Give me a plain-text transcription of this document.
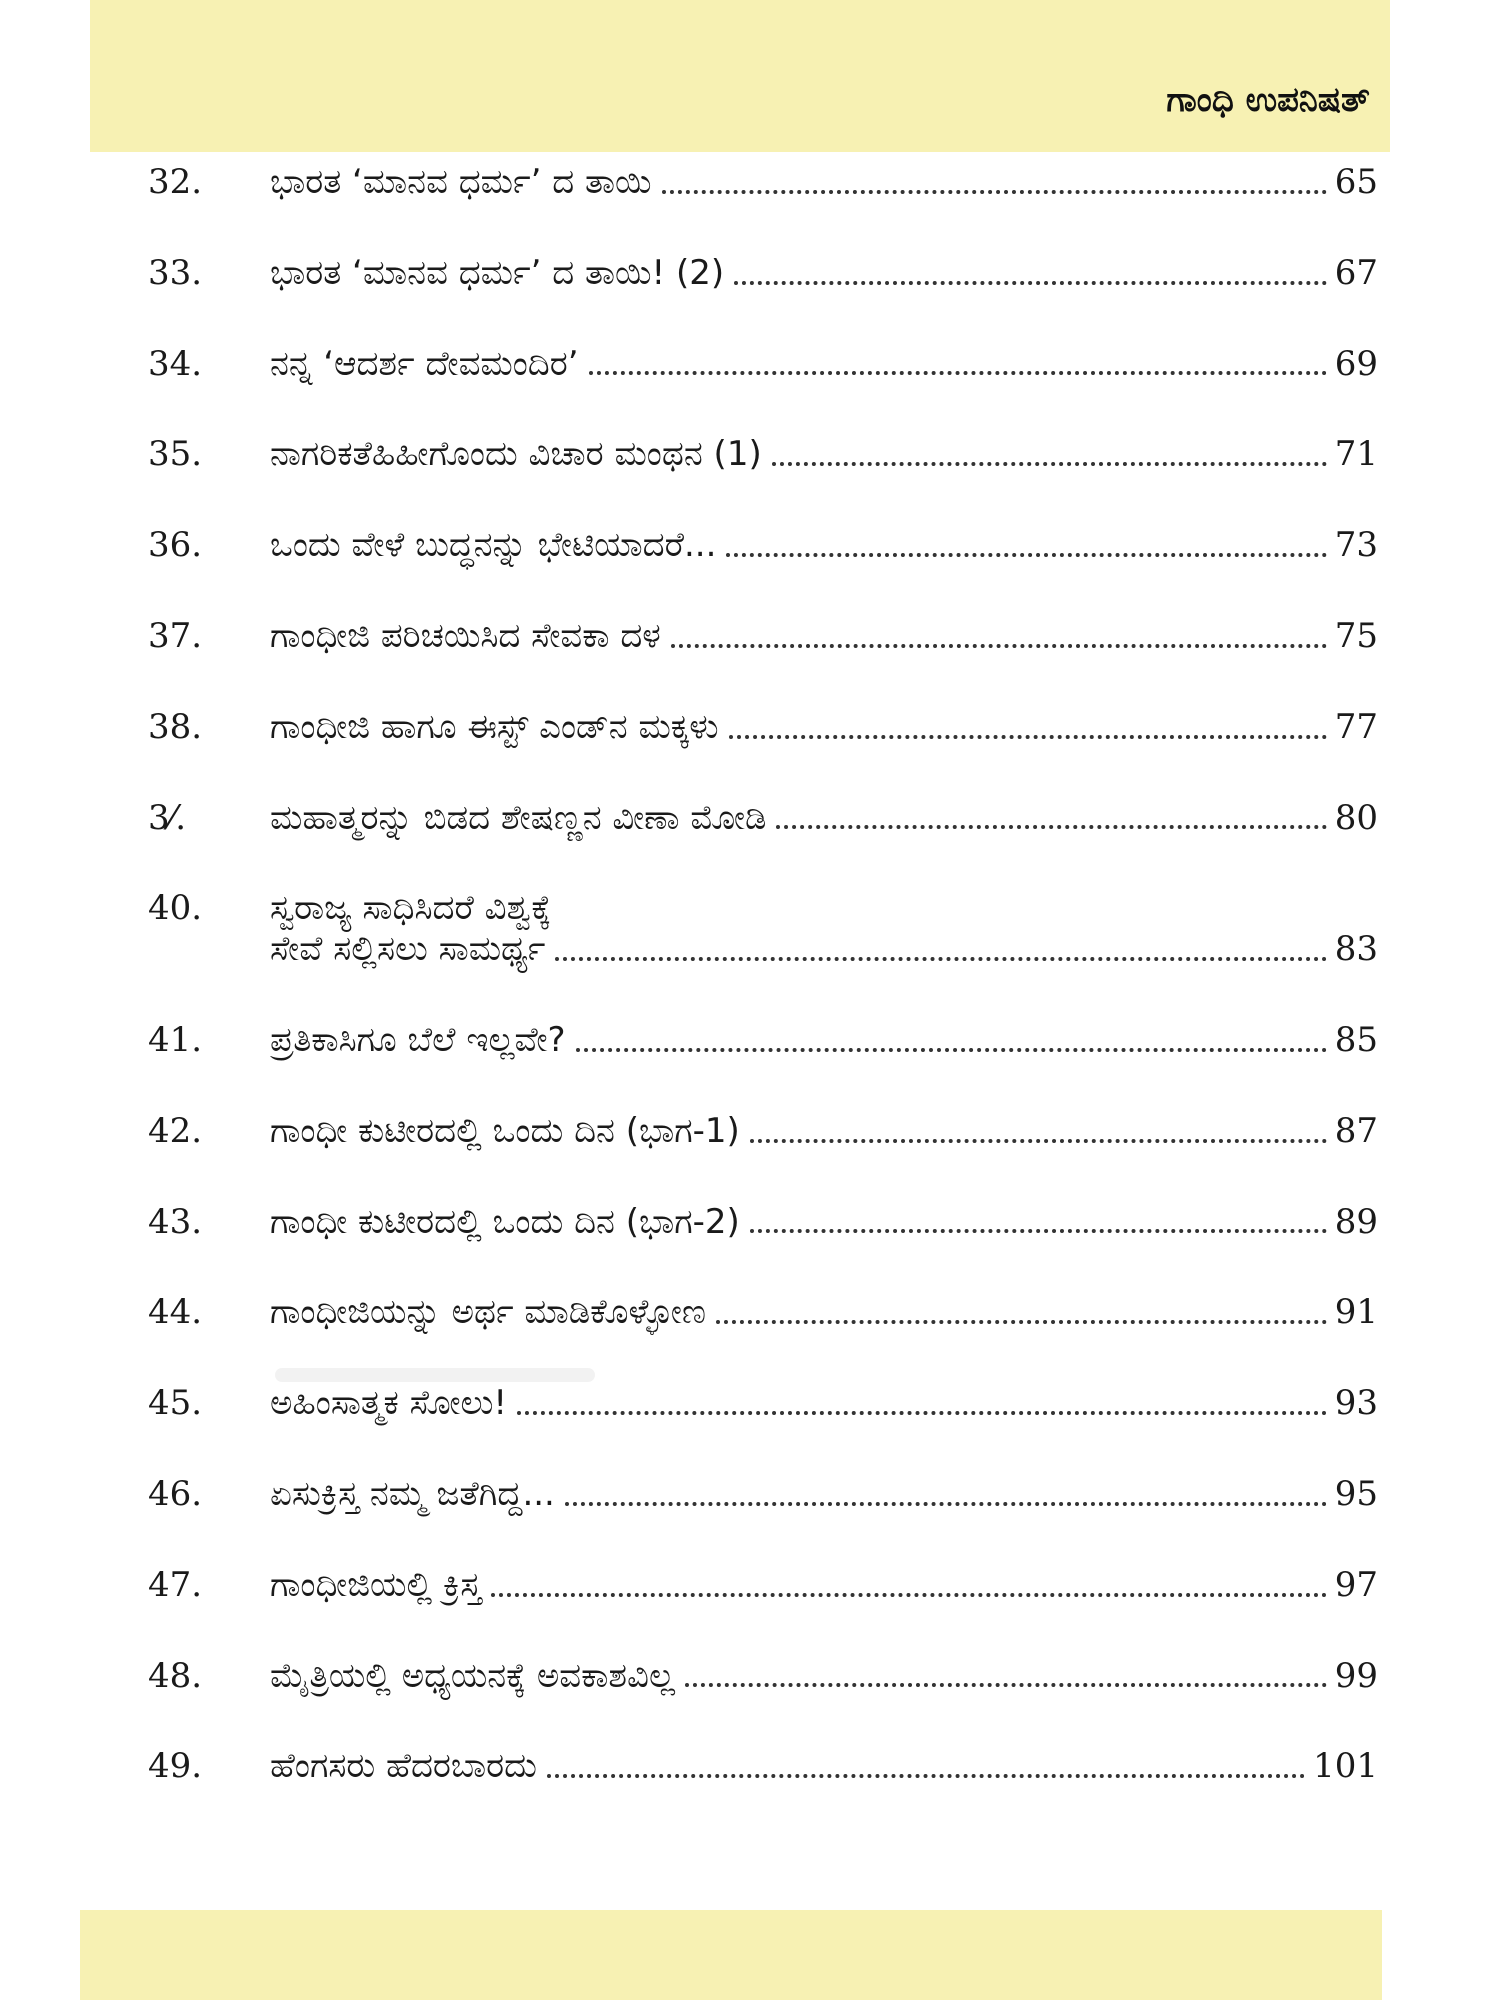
ಗಾಂಧಿ ಉಪನಿಷತ್
32.	ಭಾರತ ‘ಮಾನವ ಧರ್ಮ’ ದ ತಾಯಿ	65
33.	ಭಾರತ ‘ಮಾನವ ಧರ್ಮ’ ದ ತಾಯಿ! (2)	67
34.	ನನ್ನ ‘ಆದರ್ಶ ದೇವಮಂದಿರ’	69
35.	ನಾಗರಿಕತೆಹಿಹೀಗೊಂದು ವಿಚಾರ ಮಂಥನ (1)	71
36.	ಒಂದು ವೇಳೆ ಬುದ್ಧನನ್ನು ಭೇಟಿಯಾದರೆ...	73
37.	ಗಾಂಧೀಜಿ ಪರಿಚಯಿಸಿದ ಸೇವಕಾ ದಳ	75
38.	ಗಾಂಧೀಜಿ ಹಾಗೂ ಈಸ್ಟ್ ಎಂಡ್‌ನ ಮಕ್ಕಳು	77
3⁄.	ಮಹಾತ್ಮರನ್ನು ಬಿಡದ ಶೇಷಣ್ಣನ ವೀಣಾ ಮೋಡಿ	80
40.	ಸ್ವರಾಜ್ಯ ಸಾಧಿಸಿದರೆ ವಿಶ್ವಕ್ಕೆ
ಸೇವೆ ಸಲ್ಲಿಸಲು ಸಾಮರ್ಥ್ಯ	83
41.	ಪ್ರತಿಕಾಸಿಗೂ ಬೆಲೆ ಇಲ್ಲವೇ?	85
42.	ಗಾಂಧೀ ಕುಟೀರದಲ್ಲಿ ಒಂದು ದಿನ (ಭಾಗ-1)	87
43.	ಗಾಂಧೀ ಕುಟೀರದಲ್ಲಿ ಒಂದು ದಿನ (ಭಾಗ-2)	89
44.	ಗಾಂಧೀಜಿಯನ್ನು ಅರ್ಥ ಮಾಡಿಕೊಳ್ಳೋಣ	91
45.	ಅಹಿಂಸಾತ್ಮಕ ಸೋಲು!	93
46.	ಏಸುಕ್ರಿಸ್ತ ನಮ್ಮ ಜತೆಗಿದ್ದ...	95
47.	ಗಾಂಧೀಜಿಯಲ್ಲಿ ಕ್ರಿಸ್ತ	97
48.	ಮೈತ್ರಿಯಲ್ಲಿ ಅಧ್ಯಯನಕ್ಕೆ ಅವಕಾಶವಿಲ್ಲ	99
49.	ಹೆಂಗಸರು ಹೆದರಬಾರದು	101
